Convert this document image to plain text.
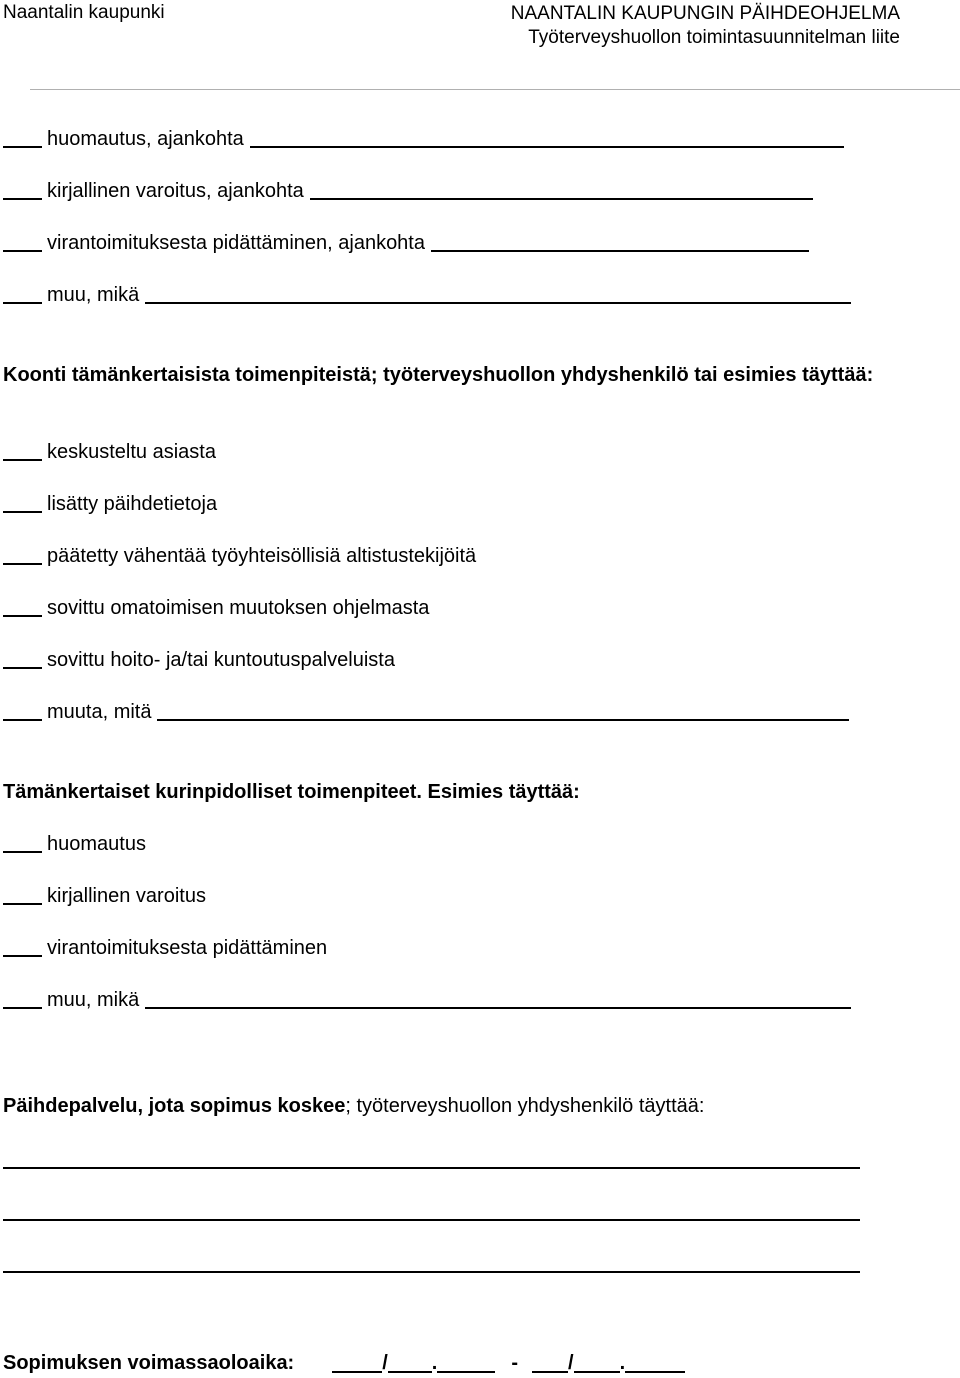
Naantalin kaupunki	NAANTALIN KAUPUNGIN PÄIHDEOHJELMA
Työterveyshuollon toimintasuunnitelman liite
huomautus, ajankohta
kirjallinen varoitus, ajankohta
virantoimituksesta pidättäminen, ajankohta
muu, mikä
Koonti tämänkertaisista toimenpiteistä; työterveyshuollon yhdyshenkilö tai esimies täyttää:
keskusteltu asiasta
lisätty päihdetietoja
päätetty vähentää työyhteisöllisiä altistustekijöitä
sovittu omatoimisen muutoksen ohjelmasta
sovittu hoito- ja/tai kuntoutuspalveluista
muuta, mitä
Tämänkertaiset kurinpidolliset toimenpiteet. Esimies täyttää:
huomautus
kirjallinen varoitus
virantoimituksesta pidättäminen
muu, mikä
Päihdepalvelu, jota sopimus koskee; työterveyshuollon yhdyshenkilö täyttää:
Sopimuksen voimassaoloaika:	/ .	-	/ .
